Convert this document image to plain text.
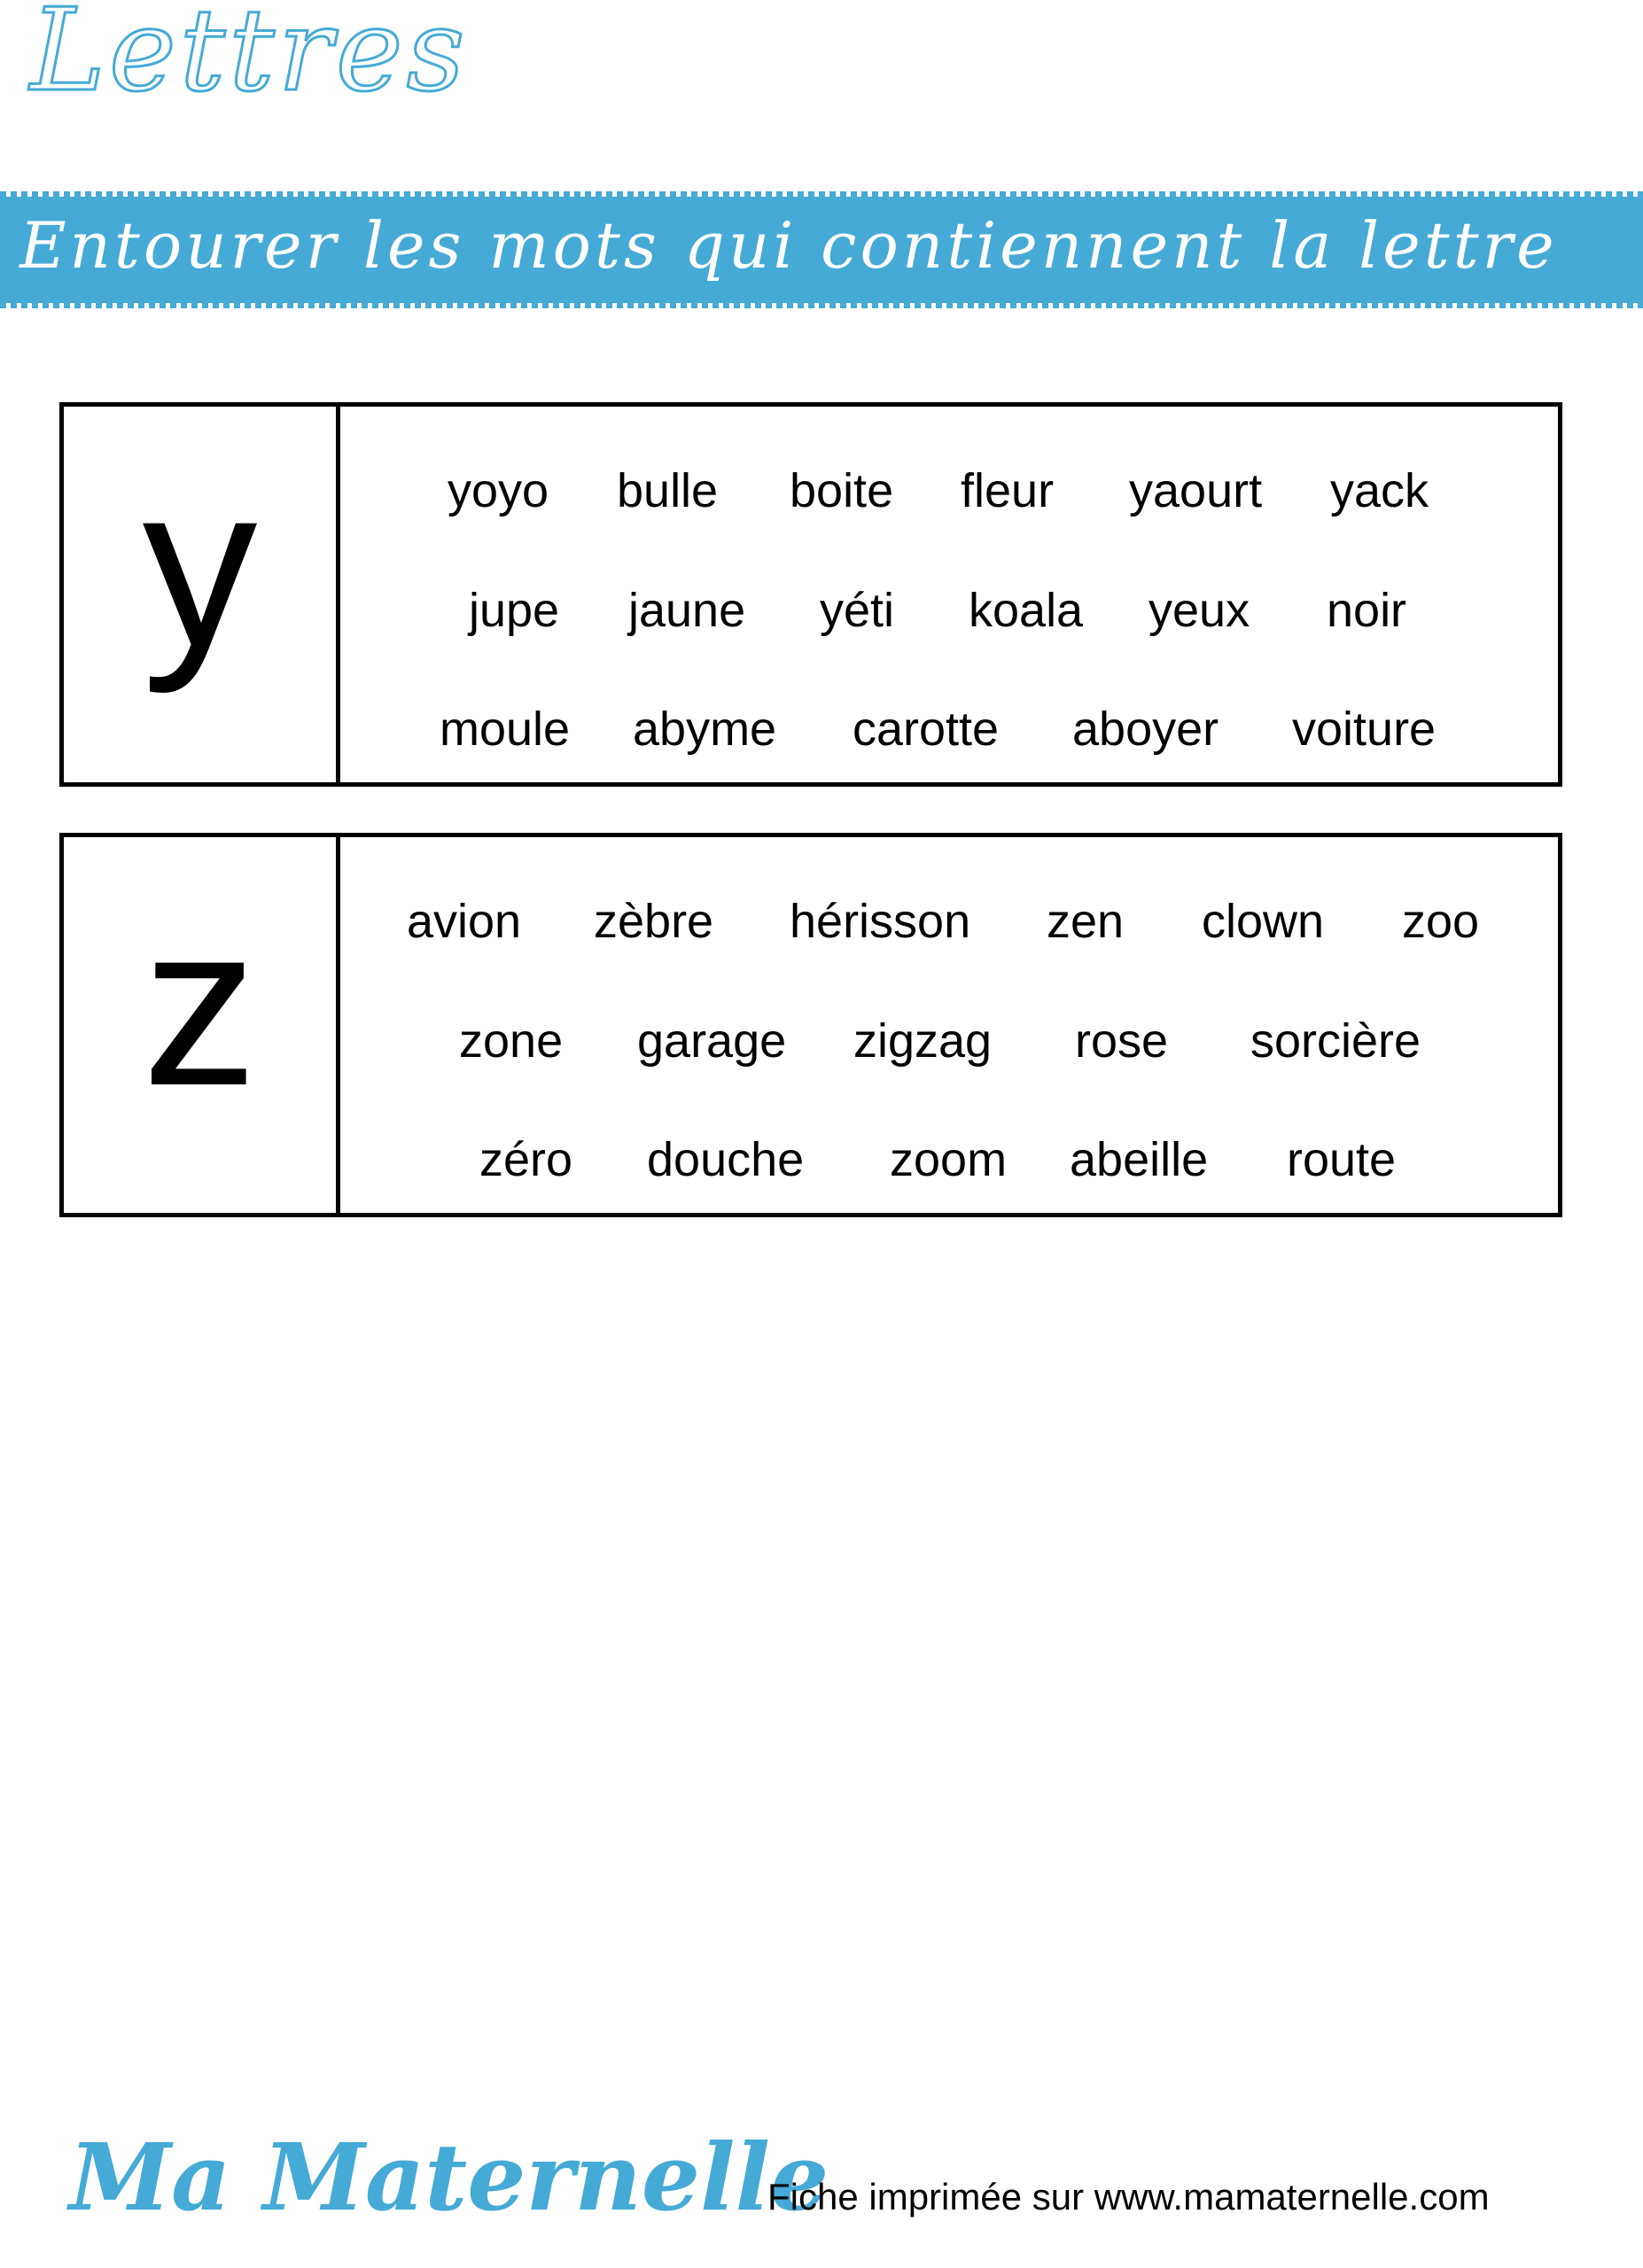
Lettres
Entourer les mots qui contiennent la lettre
y	yoyo bulle boite fleur yaourt yack
jupe jaune yéti koala yeux noir
moule abyme carotte aboyer voiture
z	avion zèbre hérisson zen clown zoo
zone garage zigzag rose sorcière
zéro douche zoom abeille route
Ma Maternelle
Fiche imprimée sur www.mamaternelle.com
